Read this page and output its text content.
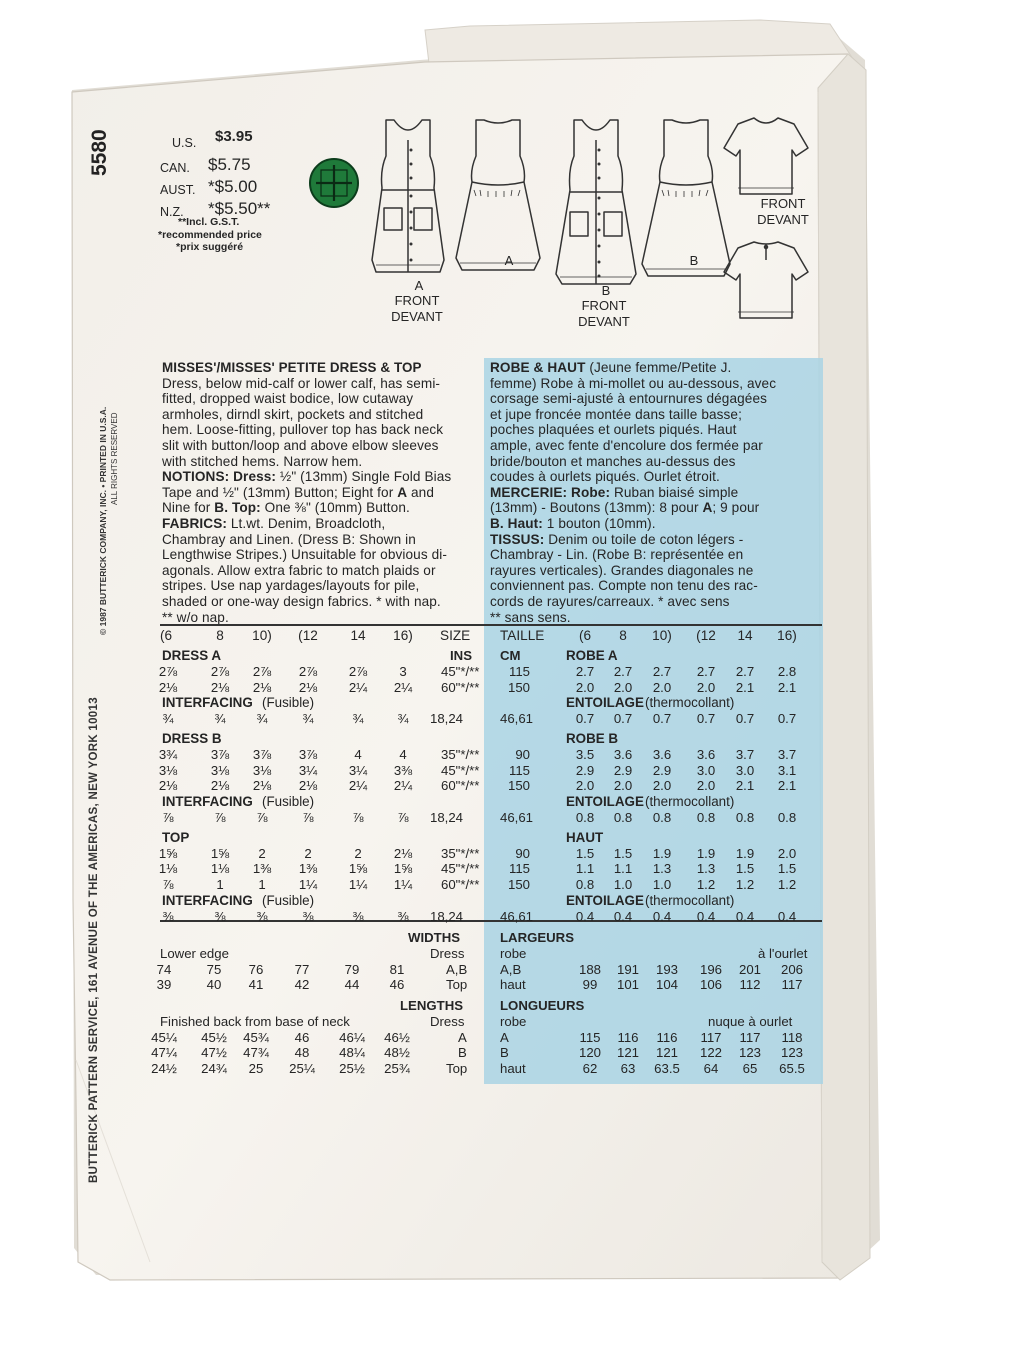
5580
© 1987 BUTTERICK COMPANY, INC. • PRINTED IN U.S.A. ALL RIGHTS RESERVED
BUTTERICK PATTERN SERVICE, 161 AVENUE OF THE AMERICAS, NEW YORK 10013
U.S. $3.95
CAN. $5.75
AUST. *$5.00
N.Z. *$5.50**
**Incl. G.S.T.
*recommended price
*prix suggéré
A
FRONT
DEVANT
A
B
FRONT
DEVANT
B
FRONT
DEVANT
MISSES'/MISSES' PETITE DRESS & TOP
Dress, below mid-calf or lower calf, has semi-
fitted, dropped waist bodice, low cutaway
armholes, dirndl skirt, pockets and stitched
hem. Loose-fitting, pullover top has back neck
slit with button/loop and above elbow sleeves
with stitched hems. Narrow hem.
NOTIONS: Dress: ½" (13mm) Single Fold Bias
Tape and ½" (13mm) Button; Eight for A and
Nine for B. Top: One ⅜" (10mm) Button.
FABRICS: Lt.wt. Denim, Broadcloth,
Chambray and Linen. (Dress B: Shown in
Lengthwise Stripes.) Unsuitable for obvious di-
agonals. Allow extra fabric to match plaids or
stripes. Use nap yardages/layouts for pile,
shaded or one-way design fabrics. * with nap.
** w/o nap.
ROBE & HAUT (Jeune femme/Petite J.
femme) Robe à mi-mollet ou au-dessous, avec
corsage semi-ajusté à entournures dégagées
et jupe froncée montée dans taille basse;
poches plaquées et ourlets piqués. Haut
ample, avec fente d'encolure dos fermée par
bride/bouton et manches au-dessus des
coudes à ourlets piqués. Ourlet étroit.
MERCERIE: Robe: Ruban biaisé simple
(13mm) - Boutons (13mm): 8 pour A; 9 pour
B. Haut: 1 bouton (10mm).
TISSUS: Denim ou toile de coton légers -
Chambray - Lin. (Robe B: représentée en
rayures verticales). Grandes diagonales ne
conviennent pas. Compte non tenu des rac-
cords de rayures/carreaux. * avec sens
** sans sens.
(6	8	10)	(12	14	16)	SIZE TAILLE	(6	8	10)	(12	14	16)
DRESS A	ROBE A
INS CM
2⅞	2⅞	2⅞	2⅞	2⅞	3	45"*/**	115	2.7	2.7	2.7	2.7	2.7	2.8
2⅛	2⅛	2⅛	2⅛	2¼	2¼	60"*/**	150	2.0	2.0	2.0	2.0	2.1	2.1
INTERFACING (Fusible)	ENTOILAGE (thermocollant)
¾	¾	¾	¾	¾	¾	18,24	46,61	0.7	0.7	0.7	0.7	0.7	0.7
DRESS B	ROBE B
3¾	3⅞	3⅞	3⅞	4	4	35"*/**	90	3.5	3.6	3.6	3.6	3.7	3.7
3⅛	3⅛	3⅛	3¼	3¼	3⅜	45"*/**	115	2.9	2.9	2.9	3.0	3.0	3.1
2⅛	2⅛	2⅛	2⅛	2¼	2¼	60"*/**	150	2.0	2.0	2.0	2.0	2.1	2.1
INTERFACING (Fusible)	ENTOILAGE (thermocollant)
⅞	⅞	⅞	⅞	⅞	⅞	18,24	46,61	0.8	0.8	0.8	0.8	0.8	0.8
TOP	HAUT
1⅝	1⅝	2	2	2	2⅛	35"*/**	90	1.5	1.5	1.9	1.9	1.9	2.0
1⅛	1⅛	1⅜	1⅜	1⅝	1⅝	45"*/**	115	1.1	1.1	1.3	1.3	1.5	1.5
⅞	1	1	1¼	1¼	1¼	60"*/**	150	0.8	1.0	1.0	1.2	1.2	1.2
INTERFACING (Fusible)	ENTOILAGE (thermocollant)
⅜	⅜	⅜	⅜	⅜	⅜	18,24	46,61	0.4	0.4	0.4	0.4	0.4	0.4
WIDTHS	LARGEURS
Lower edge	Dress	robe	à l'ourlet
74	75	76	77	79	81	A,B A,B	188	191	193	196	201	206
39	40	41	42	44	46	Top haut	99	101	104	106	112	117
LENGTHS	LONGUEURS
Finished back from base of neck	Dress	robe	nuque à ourlet
45¼	45½	45¾	46	46¼	46½	A	A	115	116	116	117	117	118
47¼	47½	47¾	48	48¼	48½	B	B	120	121	121	122	123	123
24½	24¾	25	25¼	25½	25¾	Top haut	62	63	63.5	64	65	65.5
